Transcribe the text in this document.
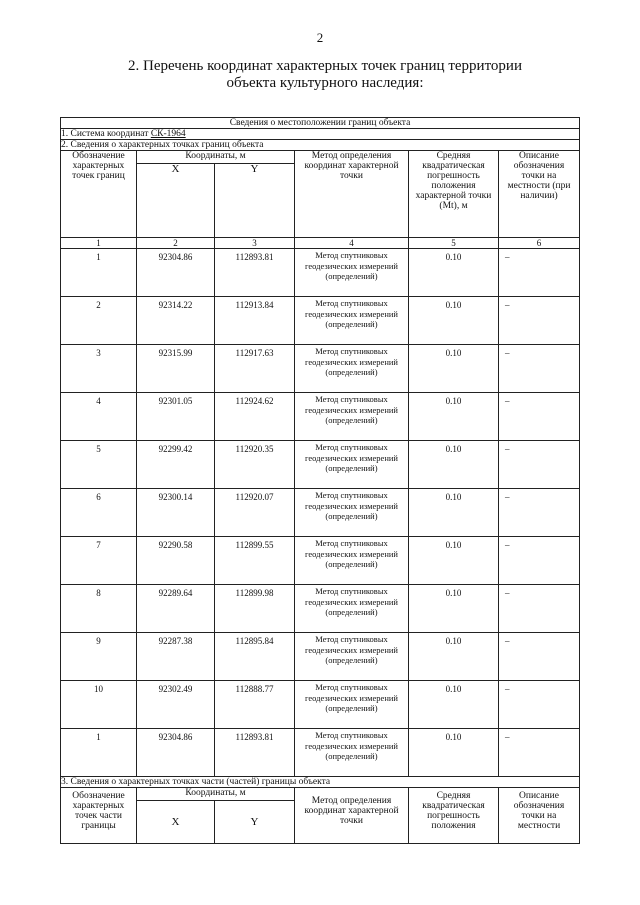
2
2. Перечень координат характерных точек границ территории
объекта культурного наследия:
Сведения о местоположении границ объекта					
1. Система координат СК-1964					
2. Сведения о характерных точках границ объекта					
Обозначение характерных точек границ	Координаты, м		Метод определения координат характерной точки	Средняя квадратическая погрешность положения характерной точки (Mt), м	Описание обозначения точки на местности (при наличии)
	X	Y			
1	2	3	4	5	6
1	92304.86	112893.81	Метод спутниковых геодезических измерений (определений)	0.10	–
2	92314.22	112913.84	Метод спутниковых геодезических измерений (определений)	0.10	–
3	92315.99	112917.63	Метод спутниковых геодезических измерений (определений)	0.10	–
4	92301.05	112924.62	Метод спутниковых геодезических измерений (определений)	0.10	–
5	92299.42	112920.35	Метод спутниковых геодезических измерений (определений)	0.10	–
6	92300.14	112920.07	Метод спутниковых геодезических измерений (определений)	0.10	–
7	92290.58	112899.55	Метод спутниковых геодезических измерений (определений)	0.10	–
8	92289.64	112899.98	Метод спутниковых геодезических измерений (определений)	0.10	–
9	92287.38	112895.84	Метод спутниковых геодезических измерений (определений)	0.10	–
10	92302.49	112888.77	Метод спутниковых геодезических измерений (определений)	0.10	–
1	92304.86	112893.81	Метод спутниковых геодезических измерений (определений)	0.10	–
3. Сведения о характерных точках части (частей) границы объекта					
Обозначение характерных точек части границы	Координаты, м		Метод определения координат характерной точки	Средняя квадратическая погрешность положения	Описание обозначения точки на местности
	X	Y			
